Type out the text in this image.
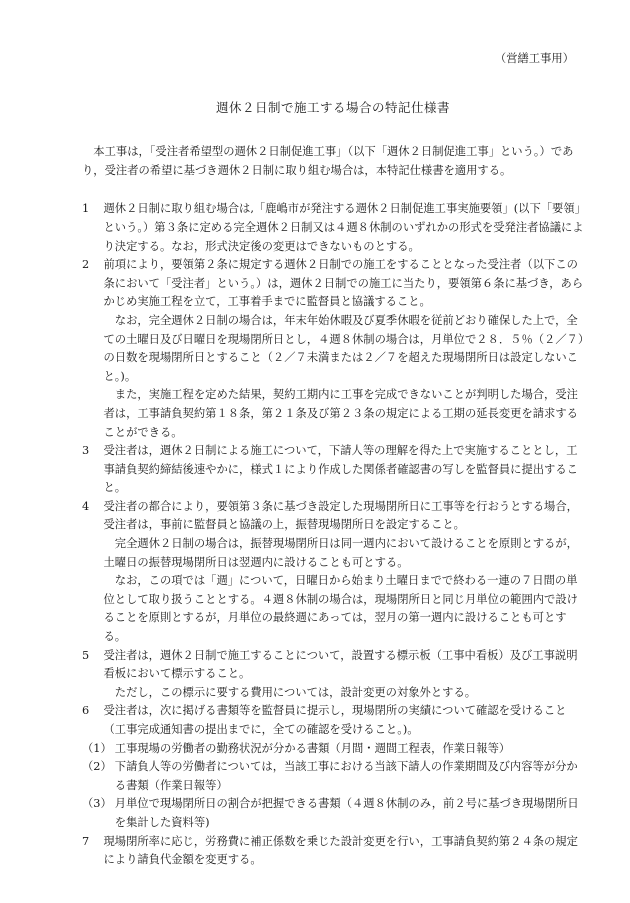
（営繕工事用）

週休２日制で施工する場合の特記仕様書

本工事は，「受注者希望型の週休２日制促進工事」（以下「週休２日制促進工事」という。）であり，受注者の希望に基づき週休２日制に取り組む場合は，本特記仕様書を適用する。

1 週休２日制に取り組む場合は,「鹿嶋市が発注する週休２日制促進工事実施要領」(以下「要領」という。）第３条に定める完全週休２日制又は４週８休制のいずれかの形式を受発注者協議により決定する。なお，形式決定後の変更はできないものとする。
2 前項により，要領第２条に規定する週休２日制での施工をすることとなった受注者（以下この条において「受注者」という。）は，週休２日制での施工に当たり，要領第６条に基づき，あらかじめ実施工程を立て，工事着手までに監督員と協議すること。

なお，完全週休２日制の場合は，年末年始休暇及び夏季休暇を従前どおり確保した上で，全ての土曜日及び日曜日を現場閉所日とし，４週８休制の場合は，月単位で２８．５％（２／７）の日数を現場閉所日とすること（２／７未満または２／７を超えた現場閉所日は設定しないこと。)。

また，実施工程を定めた結果，契約工期内に工事を完成できないことが判明した場合，受注者は，工事請負契約第１８条，第２１条及び第２３条の規定による工期の延長変更を請求することができる。

3 受注者は，週休２日制による施工について，下請人等の理解を得た上で実施することとし，工事請負契約締結後速やかに，様式１により作成した関係者確認書の写しを監督員に提出すること。
4 受注者の都合により，要領第３条に基づき設定した現場閉所日に工事等を行おうとする場合，受注者は，事前に監督員と協議の上，振替現場閉所日を設定すること。

完全週休２日制の場合は，振替現場閉所日は同一週内において設けることを原則とするが，土曜日の振替現場閉所日は翌週内に設けることも可とする。

なお，この項では「週」について，日曜日から始まり土曜日までで終わる一連の７日間の単位として取り扱うこととする。４週８休制の場合は，現場閉所日と同じ月単位の範囲内で設けることを原則とするが，月単位の最終週にあっては，翌月の第一週内に設けることも可とする。

5 受注者は，週休２日制で施工することについて，設置する標示板（工事中看板）及び工事説明看板において標示すること。

ただし，この標示に要する費用については，設計変更の対象外とする。

6 受注者は，次に掲げる書類等を監督員に提示し，現場閉所の実績について確認を受けること（工事完成通知書の提出までに，全ての確認を受けること。)。
（1） 工事現場の労働者の勤務状況が分かる書類（月間・週間工程表，作業日報等）
（2） 下請負人等の労働者については，当該工事における当該下請人の作業期間及び内容等が分かる書類（作業日報等）
（3） 月単位で現場閉所日の割合が把握できる書類（４週８休制のみ，前２号に基づき現場閉所日を集計した資料等)
7 現場閉所率に応じ，労務費に補正係数を乗じた設計変更を行い，工事請負契約第２４条の規定により請負代金額を変更する。
